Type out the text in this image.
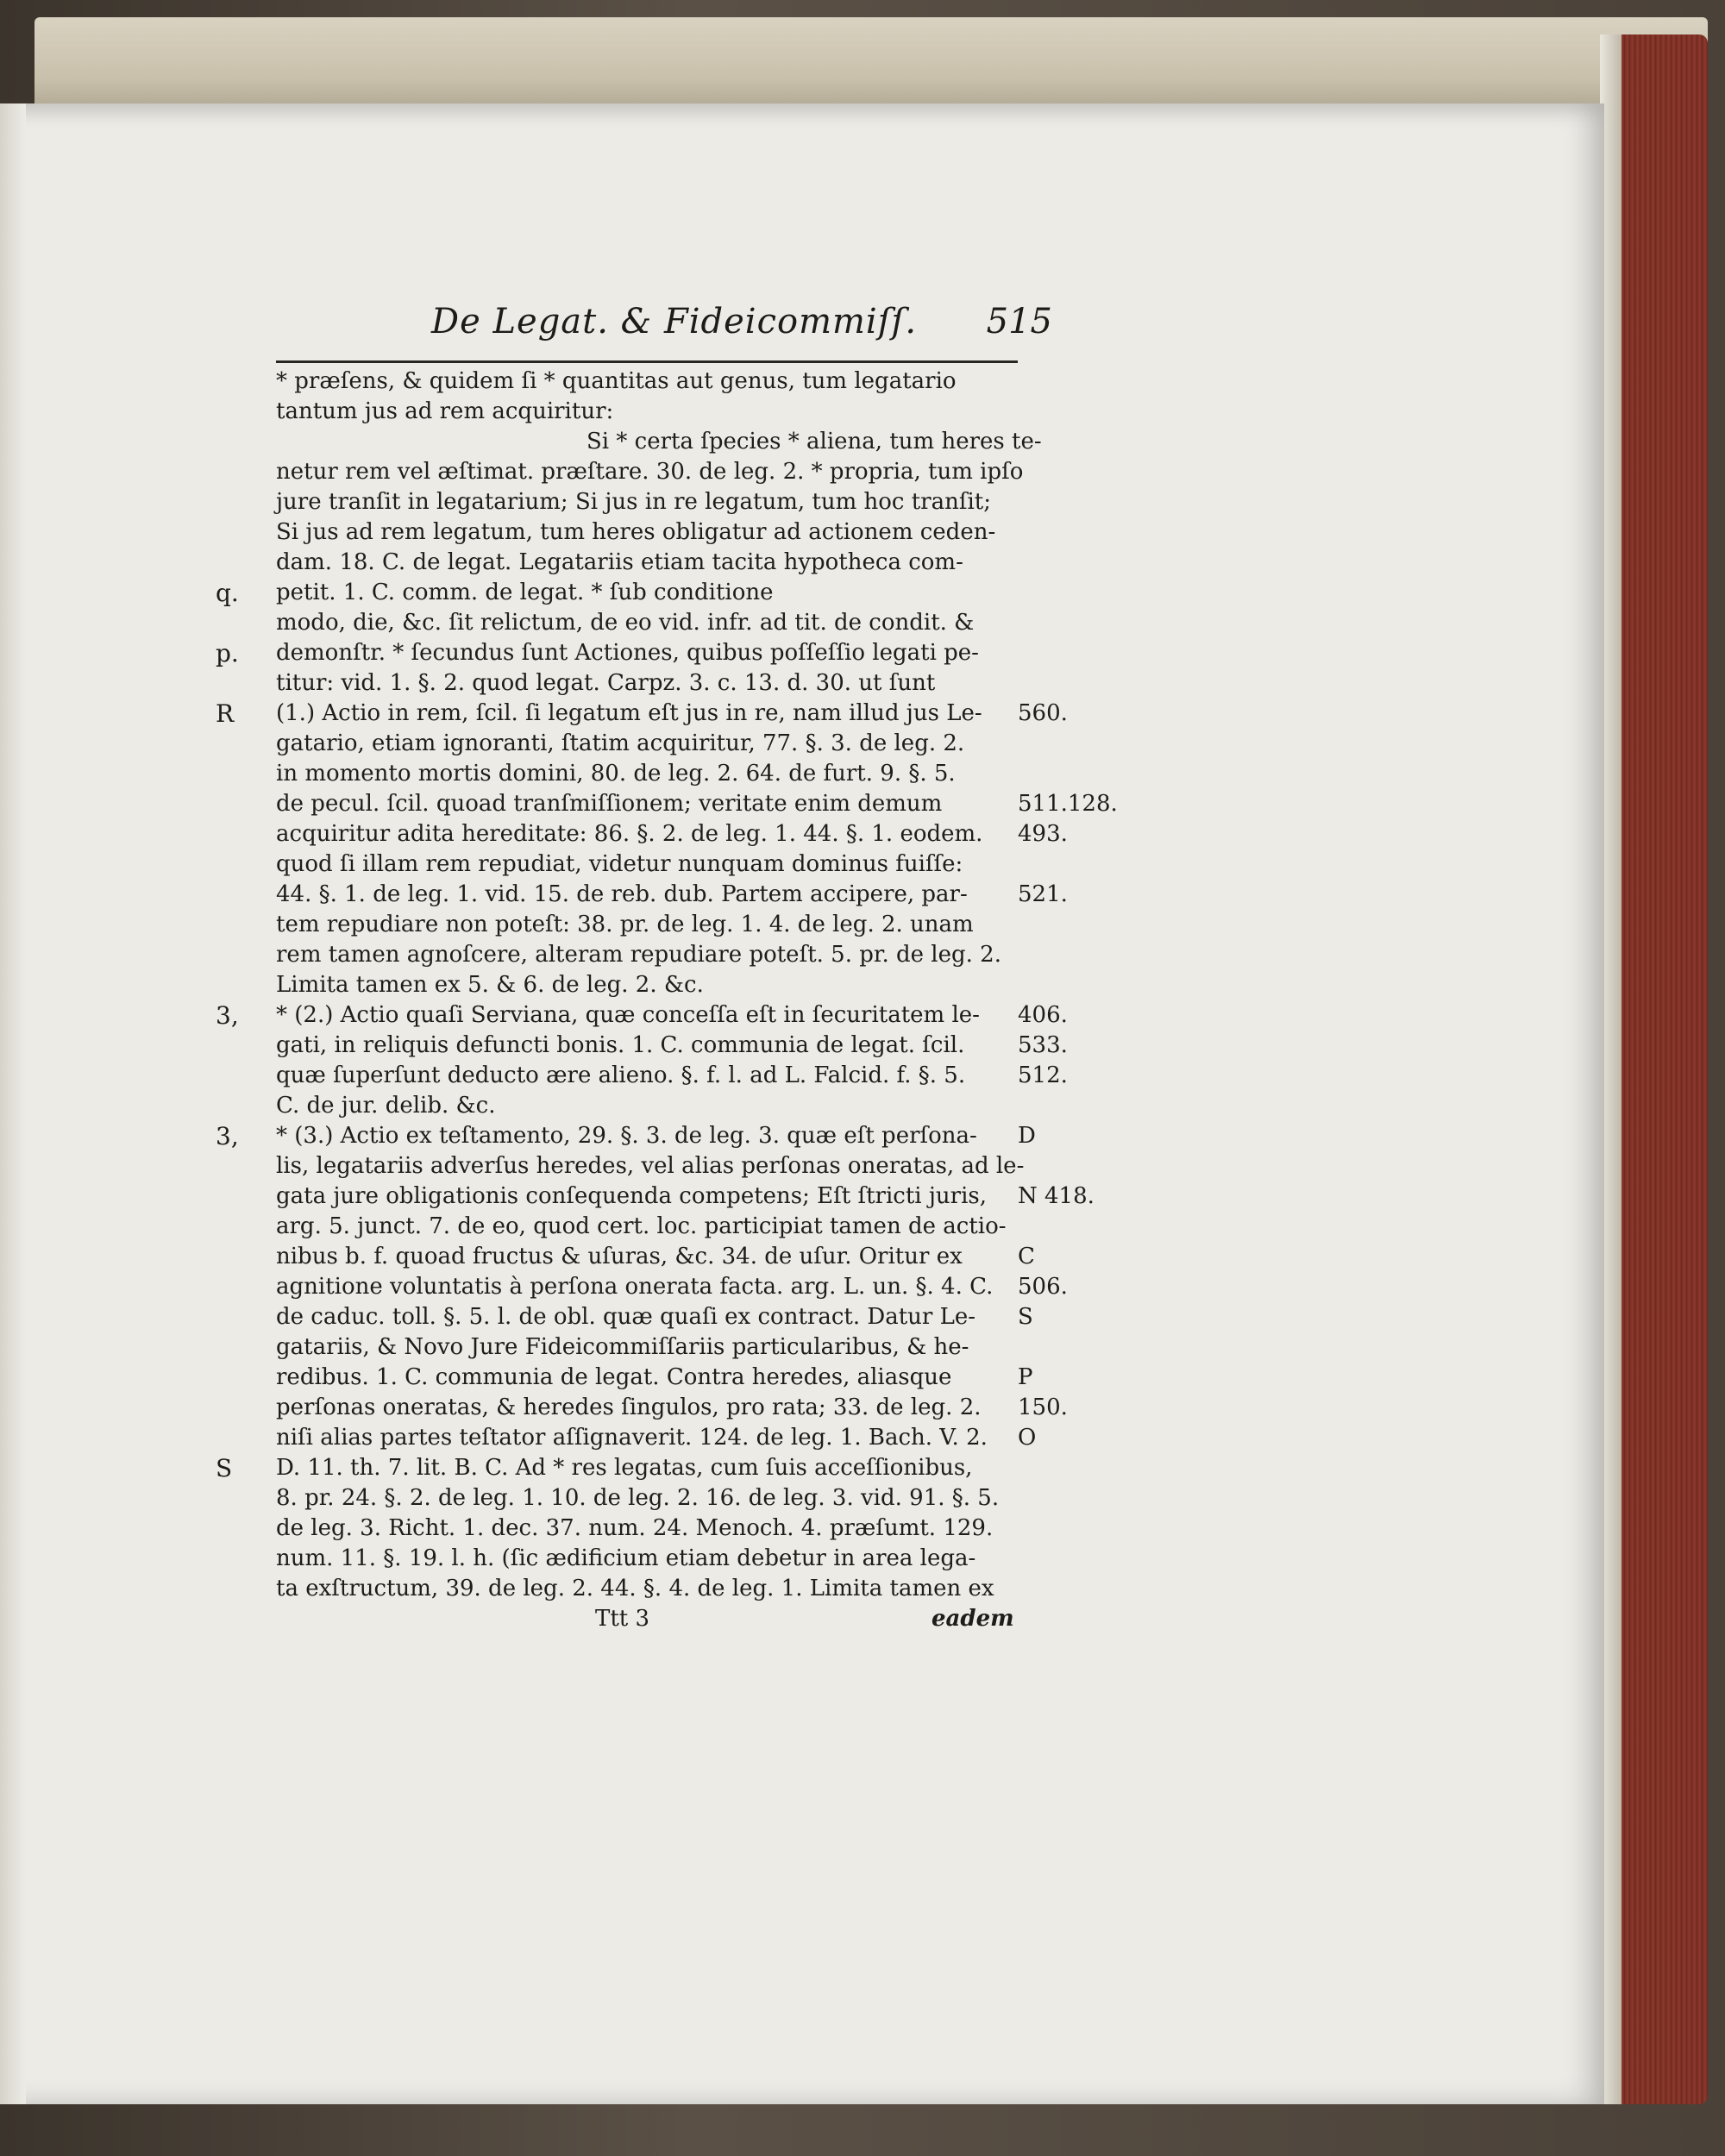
De Legat. & Fideicommiſſ. 515
* præſens, & quidem ſi * quantitas aut genus, tum legatario
tantum jus ad rem acquiritur:
Si * certa ſpecies * aliena, tum heres te-
netur rem vel æſtimat. præſtare. 30. de leg. 2. * propria, tum ipſo
jure tranſit in legatarium; Si jus in re legatum, tum hoc tranſit;
Si jus ad rem legatum, tum heres obligatur ad actionem ceden-
dam. 18. C. de legat. Legatariis etiam tacita hypotheca com-
q. petit. 1. C. comm. de legat. * ſub conditione
modo, die, &c. ſit relictum, de eo vid. infr. ad tit. de condit. &
p. demonſtr. * ſecundus ſunt Actiones, quibus poſſeſſio legati pe-
titur: vid. 1. §. 2. quod legat. Carpz. 3. c. 13. d. 30. ut ſunt
R (1.) Actio in rem, ſcil. ſi legatum eſt jus in re, nam illud jus Le- 560.
gatario, etiam ignoranti, ſtatim acquiritur, 77. §. 3. de leg. 2.
in momento mortis domini, 80. de leg. 2. 64. de furt. 9. §. 5.
de pecul. ſcil. quoad tranſmiſſionem; veritate enim demum	511.128.
acquiritur adita hereditate: 86. §. 2. de leg. 1. 44. §. 1. eodem. 493.
quod ſi illam rem repudiat, videtur nunquam dominus fuiſſe:
44. §. 1. de leg. 1. vid. 15. de reb. dub. Partem accipere, par- 521.
tem repudiare non poteſt: 38. pr. de leg. 1. 4. de leg. 2. unam
rem tamen agnoſcere, alteram repudiare poteſt. 5. pr. de leg. 2.
Limita tamen ex 5. & 6. de leg. 2. &c.
3, * (2.) Actio quaſi Serviana, quæ conceſſa eſt in ſecuritatem le- 406.
gati, in reliquis defuncti bonis. 1. C. communia de legat. ſcil. 533.
quæ ſuperſunt deducto ære alieno. §. f. l. ad L. Falcid. f. §. 5. 512.
C. de jur. delib. &c.
3, * (3.) Actio ex teſtamento, 29. §. 3. de leg. 3. quæ eſt perſona- D
lis, legatariis adverſus heredes, vel alias perſonas oneratas, ad le-
gata jure obligationis conſequenda competens; Eſt ſtricti juris, N 418.
arg. 5. junct. 7. de eo, quod cert. loc. participiat tamen de actio-
nibus b. f. quoad fructus & uſuras, &c. 34. de uſur. Oritur ex C
agnitione voluntatis à perſona onerata facta. arg. L. un. §. 4. C. 506.
de caduc. toll. §. 5. l. de obl. quæ quaſi ex contract. Datur Le- S
gatariis, & Novo Jure Fideicommiſſariis particularibus, & he-
redibus. 1. C. communia de legat. Contra heredes, aliasque	P
perſonas oneratas, & heredes ſingulos, pro rata; 33. de leg. 2. 150.
niſi alias partes teſtator aſſignaverit. 124. de leg. 1. Bach. V. 2. O
S D. 11. th. 7. lit. B. C. Ad * res legatas, cum ſuis acceſſionibus,
8. pr. 24. §. 2. de leg. 1. 10. de leg. 2. 16. de leg. 3. vid. 91. §. 5.
de leg. 3. Richt. 1. dec. 37. num. 24. Menoch. 4. præſumt. 129.
num. 11. §. 19. l. h. (ſic ædificium etiam debetur in area lega-
ta exſtructum, 39. de leg. 2. 44. §. 4. de leg. 1. Limita tamen ex
Ttt 3	eadem
